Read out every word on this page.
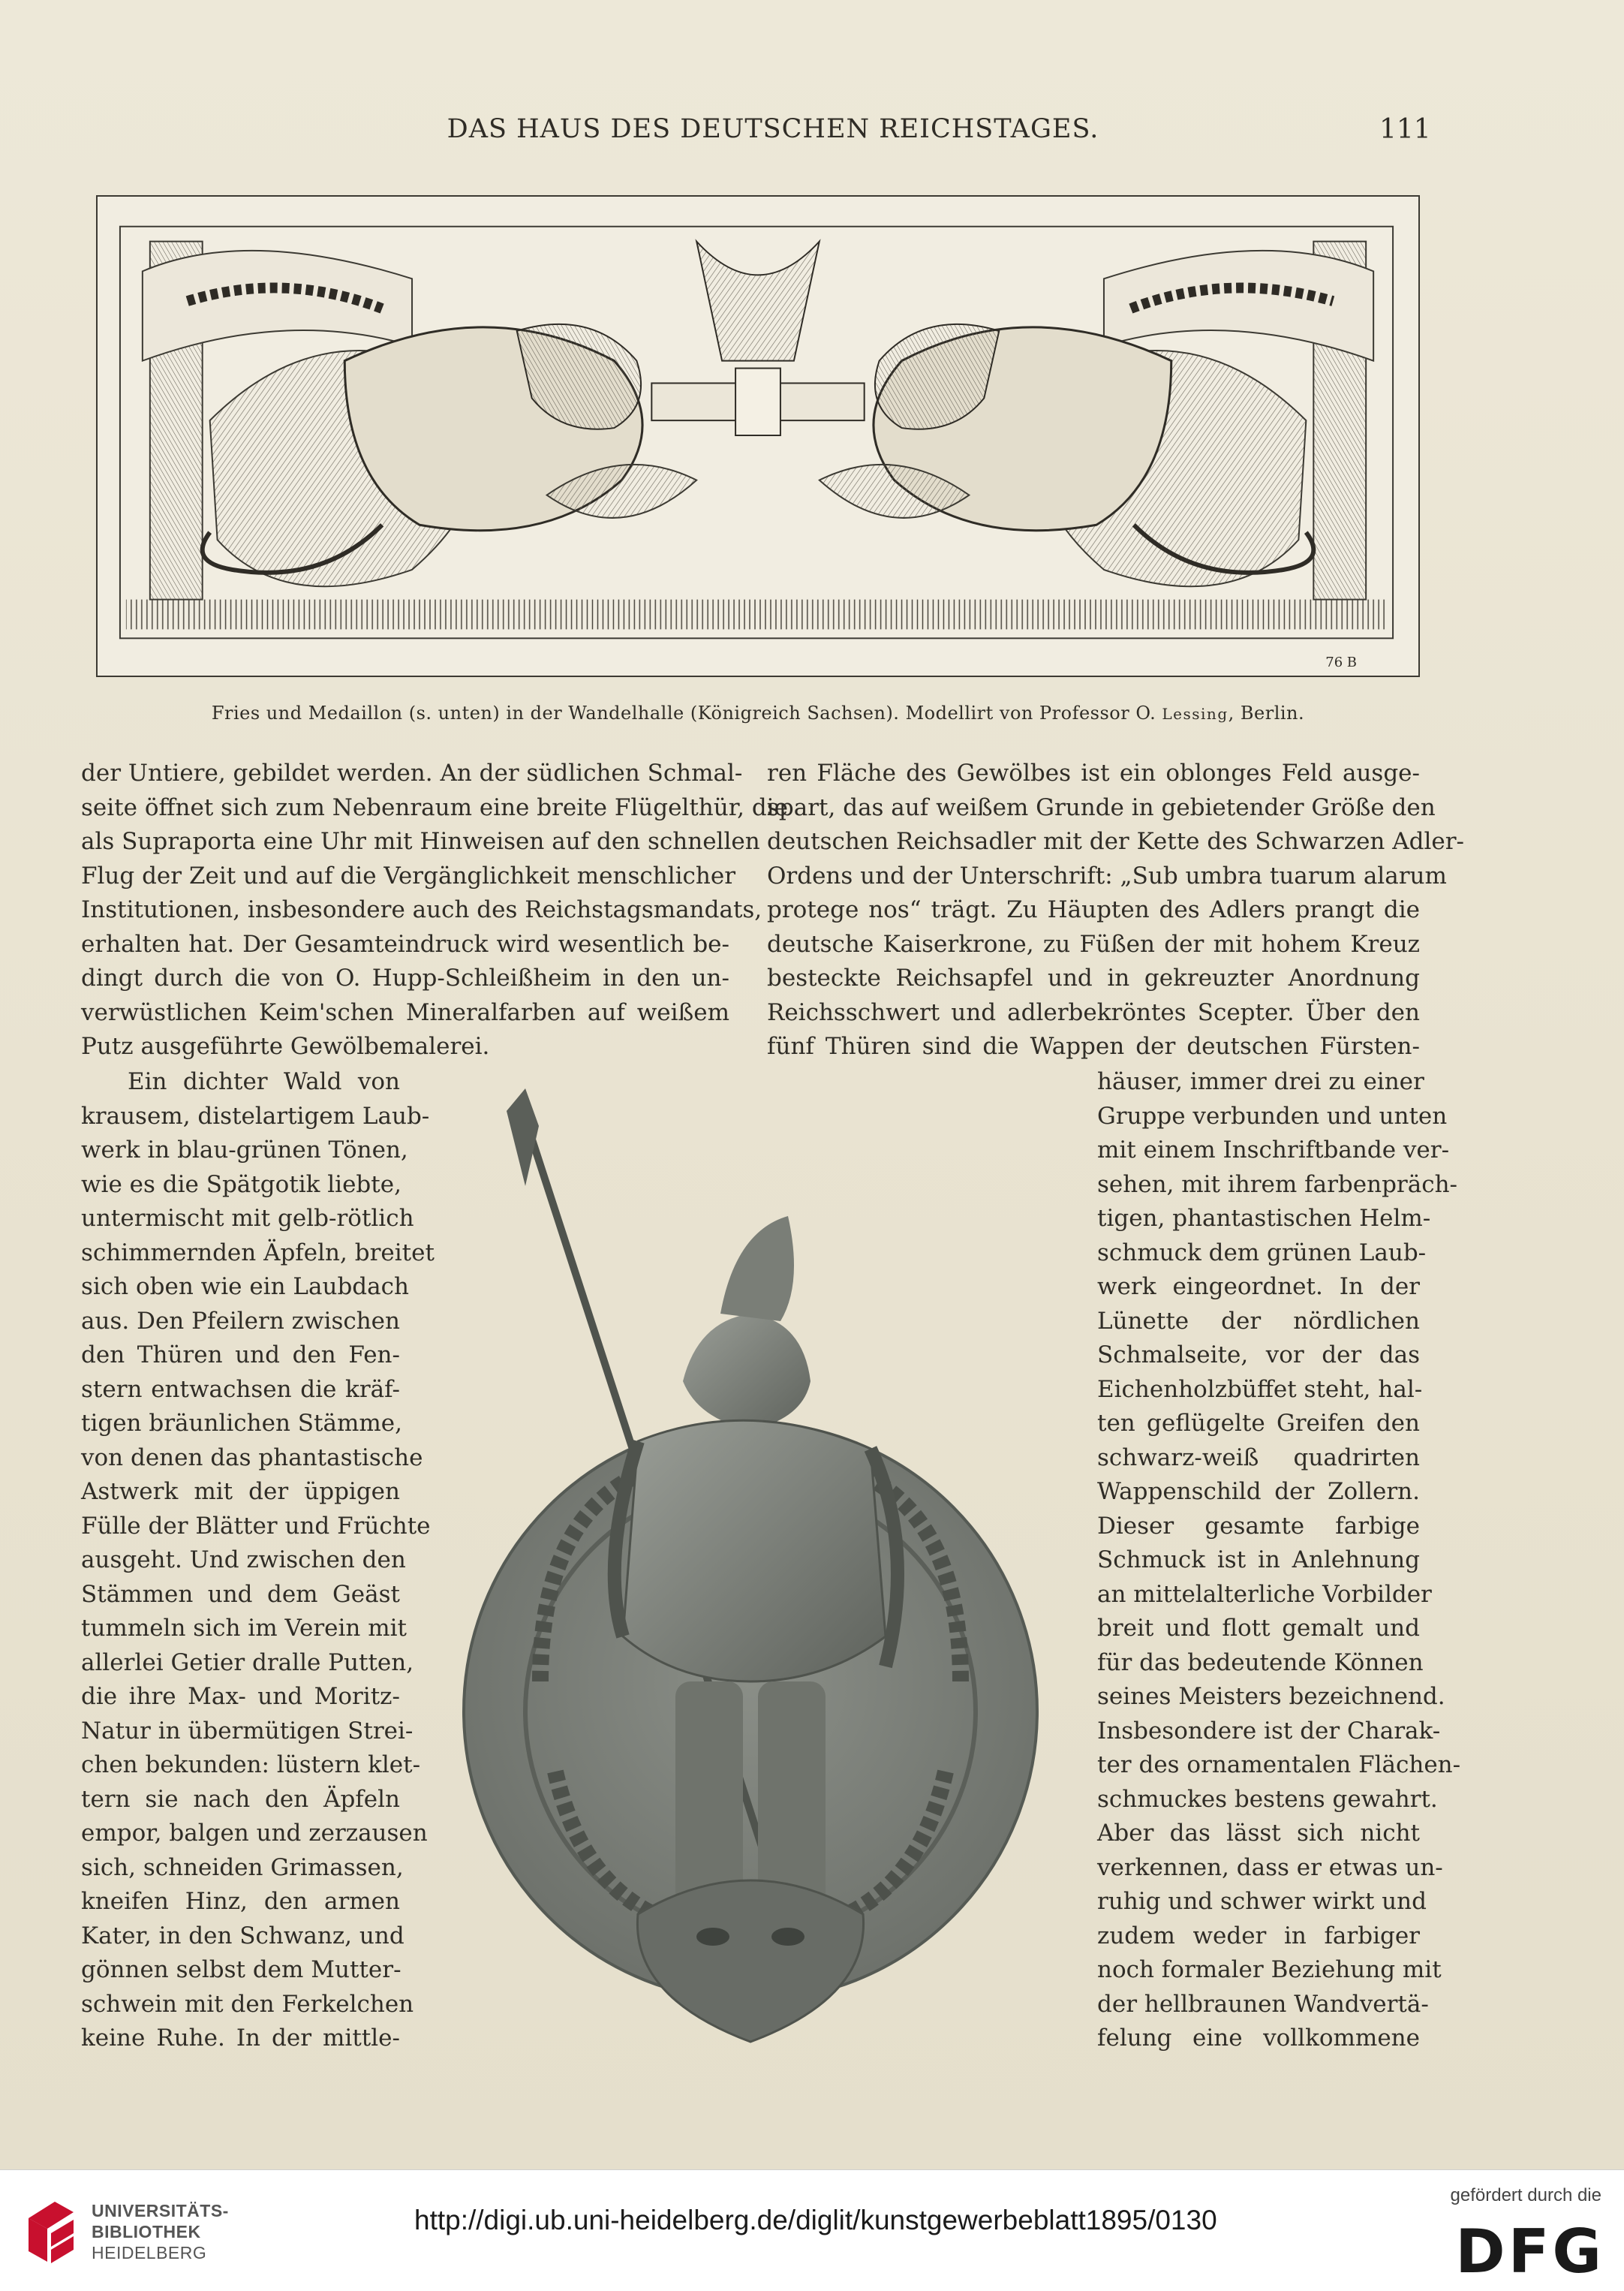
DAS HAUS DES DEUTSCHEN REICHSTAGES.	111
76 B
Fries und Medaillon (s. unten) in der Wandelhalle (Königreich Sachsen). Modellirt von Professor O. Lessing, Berlin.
der Untiere, gebildet werden. An der südlichen Schmal-
seite öffnet sich zum Nebenraum eine breite Flügelthür, die
als Supraporta eine Uhr mit Hinweisen auf den schnellen
Flug der Zeit und auf die Vergänglichkeit menschlicher
Institutionen, insbesondere auch des Reichstagsmandats,
erhalten hat. Der Gesamteindruck wird wesentlich be-
dingt durch die von O. Hupp-Schleißheim in den un-
verwüstlichen Keim'schen Mineralfarben auf weißem
Putz ausgeführte Gewölbemalerei.
ren Fläche des Gewölbes ist ein oblonges Feld ausge-
spart, das auf weißem Grunde in gebietender Größe den
deutschen Reichsadler mit der Kette des Schwarzen Adler-
Ordens und der Unterschrift: „Sub umbra tuarum alarum
protege nos“ trägt. Zu Häupten des Adlers prangt die
deutsche Kaiserkrone, zu Füßen der mit hohem Kreuz
besteckte Reichsapfel und in gekreuzter Anordnung
Reichsschwert und adlerbekröntes Scepter. Über den
fünf Thüren sind die Wappen der deutschen Fürsten-
Ein dichter Wald von
krausem, distelartigem Laub-
werk in blau-grünen Tönen,
wie es die Spätgotik liebte,
untermischt mit gelb-rötlich
schimmernden Äpfeln, breitet
sich oben wie ein Laubdach
aus. Den Pfeilern zwischen
den Thüren und den Fen-
stern entwachsen die kräf-
tigen bräunlichen Stämme,
von denen das phantastische
Astwerk mit der üppigen
Fülle der Blätter und Früchte
ausgeht. Und zwischen den
Stämmen und dem Geäst
tummeln sich im Verein mit
allerlei Getier dralle Putten,
die ihre Max- und Moritz-
Natur in übermütigen Strei-
chen bekunden: lüstern klet-
tern sie nach den Äpfeln
empor, balgen und zerzausen
sich, schneiden Grimassen,
kneifen Hinz, den armen
Kater, in den Schwanz, und
gönnen selbst dem Mutter-
schwein mit den Ferkelchen
keine Ruhe. In der mittle-
häuser, immer drei zu einer
Gruppe verbunden und unten
mit einem Inschriftbande ver-
sehen, mit ihrem farbenpräch-
tigen, phantastischen Helm-
schmuck dem grünen Laub-
werk eingeordnet. In der
Lünette der nördlichen
Schmalseite, vor der das
Eichenholzbüffet steht, hal-
ten geflügelte Greifen den
schwarz-weiß quadrirten
Wappenschild der Zollern.
Dieser gesamte farbige
Schmuck ist in Anlehnung
an mittelalterliche Vorbilder
breit und flott gemalt und
für das bedeutende Können
seines Meisters bezeichnend.
Insbesondere ist der Charak-
ter des ornamentalen Flächen-
schmuckes bestens gewahrt.
Aber das lässt sich nicht
verkennen, dass er etwas un-
ruhig und schwer wirkt und
zudem weder in farbiger
noch formaler Beziehung mit
der hellbraunen Wandvertä-
felung eine vollkommene
UNIVERSITÄTS-
BIBLIOTHEK
HEIDELBERG
http://digi.ub.uni-heidelberg.de/diglit/kunstgewerbeblatt1895/0130
gefördert durch die
DFG
